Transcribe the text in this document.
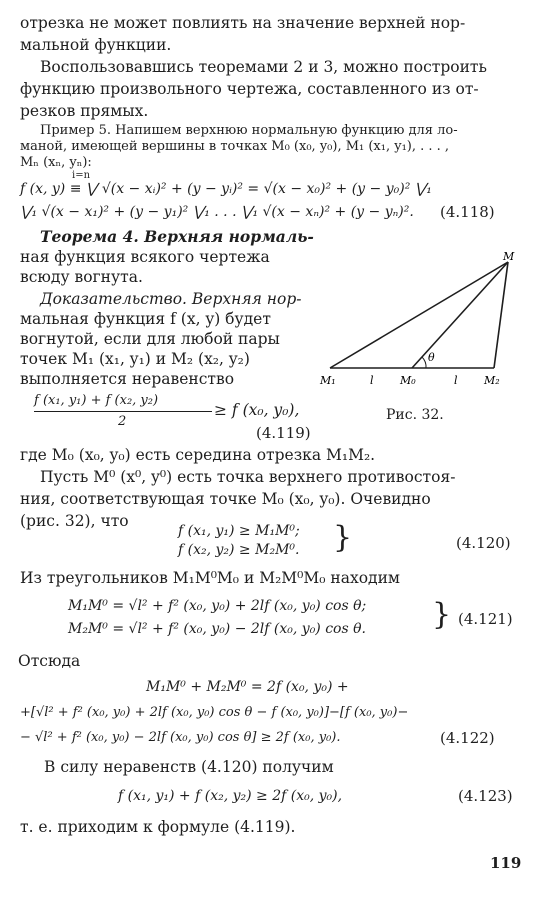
отрезка не может повлиять на значение верхней нор-

мальной функции.

Воспользовавшись теоремами 2 и 3, можно построить

функцию произвольного чертежа, составленного из от-

резков прямых.

Пример 5. Напишем верхнюю нормальную функцию для ло-

маной, имеющей вершины в точках M₀ (x₀, y₀), M₁ (x₁, y₁), . . . ,

Mₙ (xₙ, yₙ):

i=n

f (x, y) ≡ ⋁ √(x − xᵢ)² + (y − yᵢ)² = √(x − x₀)² + (y − y₀)² ⋁₁

⋁₁ √(x − x₁)² + (y − y₁)² ⋁₁ . . . ⋁₁ √(x − xₙ)² + (y − yₙ)². (4.118)

Теорема 4. Верхняя нормаль-

ная функция всякого чертежа

всюду вогнута.

Доказательство. Верхняя нор-

мальная функция f (x, y) будет

вогнутой, если для любой пары

точек M₁ (x₁, y₁) и M₂ (x₂, y₂)

выполняется неравенство

f (x₁, y₁) + f (x₂, y₂)

2

≥ f (x₀, y₀),

(4.119)
M₁	M₀	M₂
M
l	l
θ

Рис. 32.

где M₀ (x₀, y₀) есть середина отрезка M₁M₂.

Пусть M⁰ (x⁰, y⁰) есть точка верхнего противостоя-

ния, соответствующая точке M₀ (x₀, y₀). Очевидно

(рис. 32), что

f (x₁, y₁) ≥ M₁M⁰;

f (x₂, y₂) ≥ M₂M⁰. }	(4.120)

Из треугольников M₁M⁰M₀ и M₂M⁰M₀ находим

M₁M⁰ = √l² + f² (x₀, y₀) + 2lf (x₀, y₀) cos θ;

M₂M⁰ = √l² + f² (x₀, y₀) − 2lf (x₀, y₀) cos θ. } (4.121)

Отсюда

M₁M⁰ + M₂M⁰ = 2f (x₀, y₀) +

+[√l² + f² (x₀, y₀) + 2lf (x₀, y₀) cos θ − f (x₀, y₀)]−[f (x₀, y₀)−

− √l² + f² (x₀, y₀) − 2lf (x₀, y₀) cos θ] ≥ 2f (x₀, y₀).	(4.122)

В силу неравенств (4.120) получим

f (x₁, y₁) + f (x₂, y₂) ≥ 2f (x₀, y₀),	(4.123)

т. е. приходим к формуле (4.119).

119
